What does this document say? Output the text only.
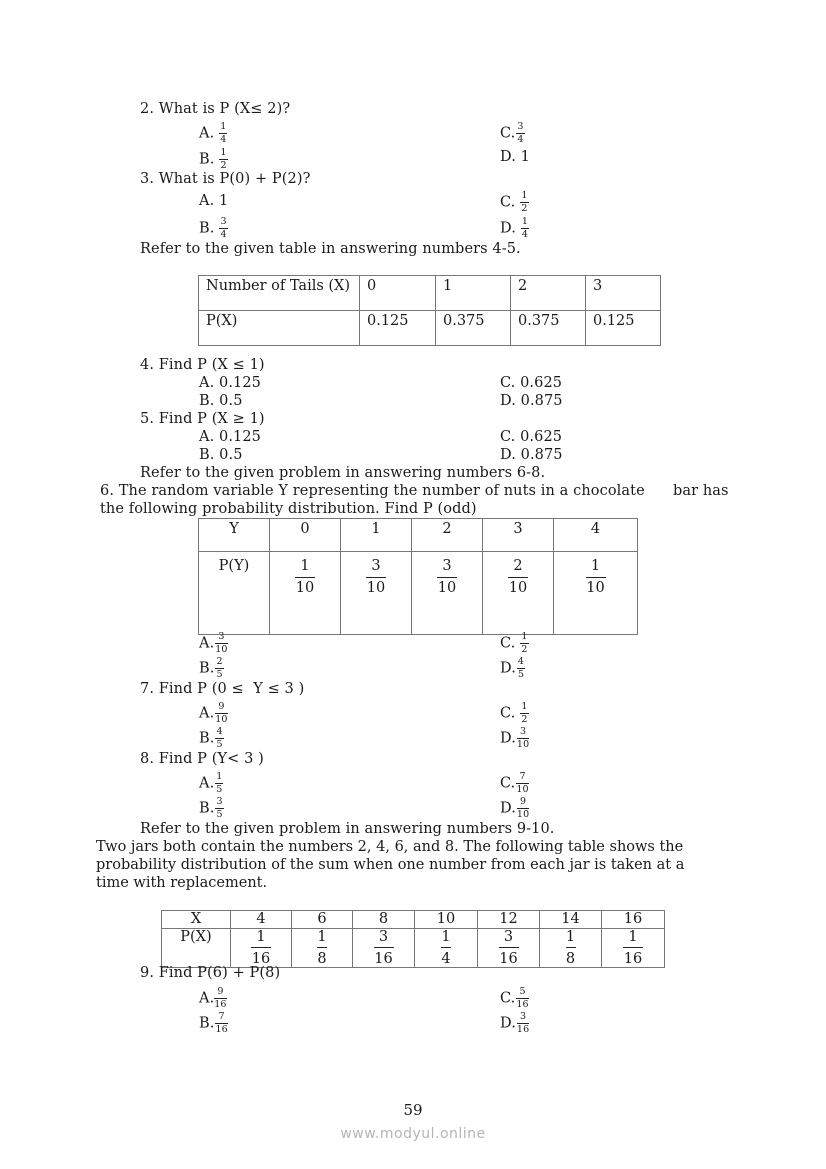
2. What is P (X≤ 2)?
A. $\frac{1}{4}$	C. $\frac{3}{4}$
B. $\frac{1}{2}$	D. 1
3. What is P(0) + P(2)?
A. 1	C. $\frac{1}{2}$
B. $\frac{3}{4}$	D. $\frac{1}{4}$
Refer to the given table in answering numbers 4-5.
Number of Tails (X)	0	1	2	3
P(X)	0.125	0.375	0.375	0.125
4. Find P (X ≤ 1)
A. 0.125	C. 0.625
B. 0.5	D. 0.875
5. Find P (X ≥ 1)
A. 0.125	C. 0.625
B. 0.5	D. 0.875
Refer to the given problem in answering numbers 6-8.
6. The random variable Y representing the number of nuts in a chocolate      bar has
the following probability distribution. Find P (odd)
Y	0	1	2	3	4
P(Y)	$\frac{1}{10}$	$\frac{3}{10}$	$\frac{3}{10}$	$\frac{2}{10}$	$\frac{1}{10}$
A. $\frac{3}{10}$	C. $\frac{1}{2}$
B. $\frac{2}{5}$	D. $\frac{4}{5}$
7. Find P (0 ≤  Y ≤ 3 )
A. $\frac{9}{10}$	C. $\frac{1}{2}$
B. $\frac{4}{5}$	D. $\frac{3}{10}$
8. Find P (Y< 3 )
A. $\frac{1}{5}$	C. $\frac{7}{10}$
B. $\frac{3}{5}$	D. $\frac{9}{10}$
Refer to the given problem in answering numbers 9-10.
Two jars both contain the numbers 2, 4, 6, and 8. The following table shows the probability distribution of the sum when one number from each jar is taken at a time with replacement.
X	4	6	8	10	12	14	16
P(X)	$\frac{1}{16}$	$\frac{1}{8}$	$\frac{3}{16}$	$\frac{1}{4}$	$\frac{3}{16}$	$\frac{1}{8}$	$\frac{1}{16}$
9. Find P(6) + P(8)
A. $\frac{9}{16}$	C. $\frac{5}{16}$
B. $\frac{7}{16}$	D. $\frac{3}{16}$
59
www.modyul.online
